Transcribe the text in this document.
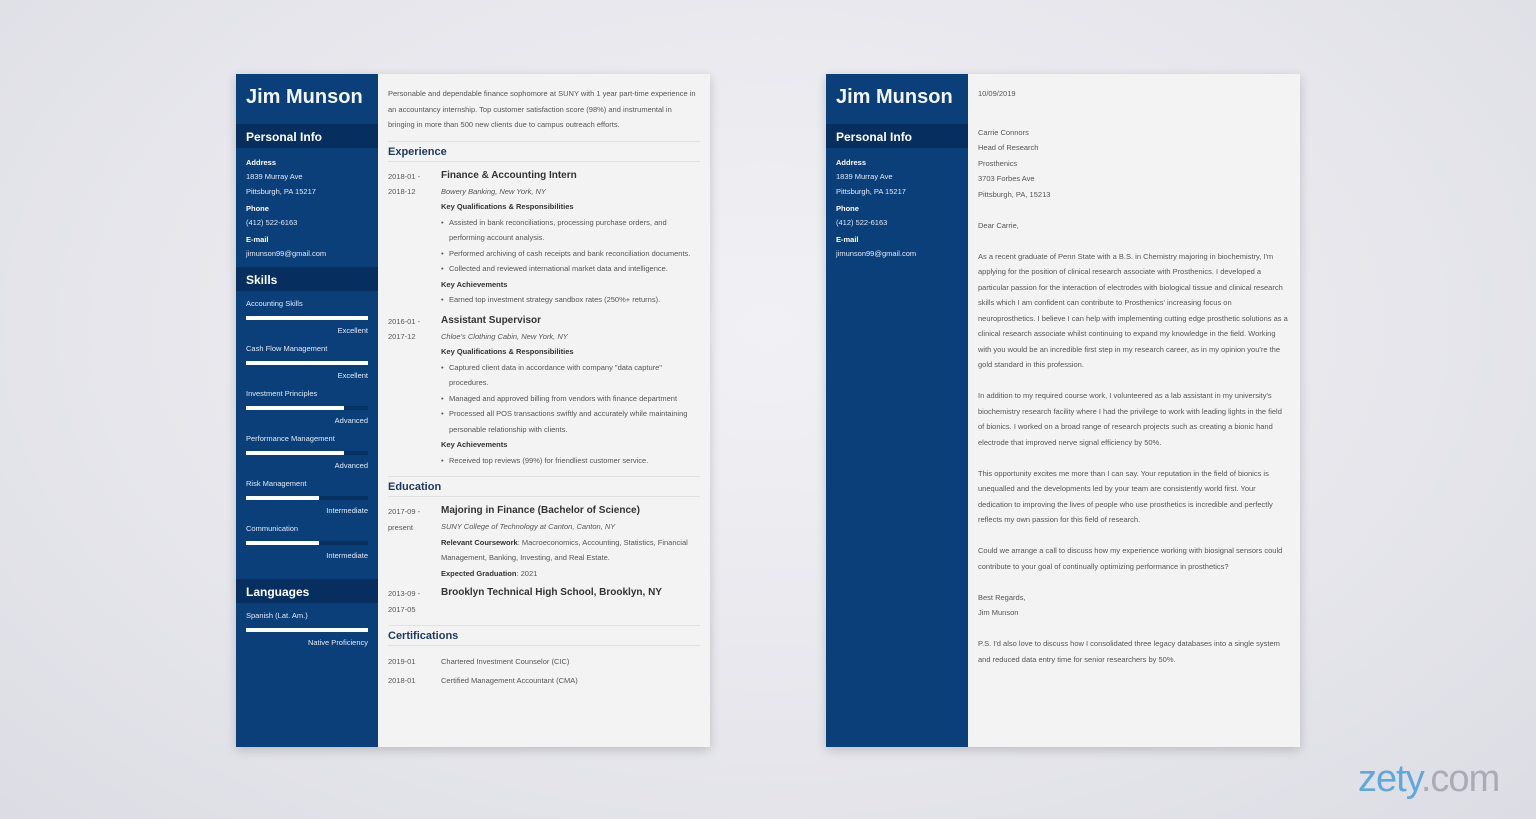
Jim Munson
Personal Info
Address
1839 Murray Ave
Pittsburgh, PA 15217
Phone
(412) 522-6163
E-mail
jimunson99@gmail.com
Skills
Accounting Skills
Excellent
Cash Flow Management
Excellent
Investment Principles
Advanced
Performance Management
Advanced
Risk Management
Intermediate
Communication
Intermediate
Languages
Spanish (Lat. Am.)
Native Proficiency
Personable and dependable finance sophomore at SUNY with 1 year part-time experience in an accountancy internship. Top customer satisfaction score (98%) and instrumental in bringing in more than 500 new clients due to campus outreach efforts.
Experience
2018-01 -
2018-12
Finance & Accounting Intern
Bowery Banking, New York, NY
Key Qualifications & Responsibilities
• Assisted in bank reconciliations, processing purchase orders, and performing account analysis.
• Performed archiving of cash receipts and bank reconciliation documents.
• Collected and reviewed international market data and intelligence.
Key Achievements
• Earned top investment strategy sandbox rates (250%+ returns).
2016-01 -
2017-12
Assistant Supervisor
Chloe's Clothing Cabin, New York, NY
Key Qualifications & Responsibilities
• Captured client data in accordance with company "data capture" procedures.
• Managed and approved billing from vendors with finance department
• Processed all POS transactions swiftly and accurately while maintaining personable relationship with clients.
Key Achievements
• Received top reviews (99%) for friendliest customer service.
Education
2017-09 -
present
Majoring in Finance (Bachelor of Science)
SUNY College of Technology at Canton, Canton, NY
Relevant Coursework: Macroeconomics, Accounting, Statistics, Financial Management, Banking, Investing, and Real Estate.
Expected Graduation: 2021
2013-09 -
2017-05
Brooklyn Technical High School, Brooklyn, NY
Certifications
2019-01	Chartered Investment Counselor (CIC)
2018-01	Certified Management Accountant (CMA)
Jim Munson
Personal Info
Address
1839 Murray Ave
Pittsburgh, PA 15217
Phone
(412) 522-6163
E-mail
jimunson99@gmail.com

10/09/2019

Carrie Connors
Head of Research
Prosthenics
3703 Forbes Ave
Pittsburgh, PA, 15213

Dear Carrie,

As a recent graduate of Penn State with a B.S. in Chemistry majoring in biochemistry, I'm applying for the position of clinical research associate with Prosthenics. I developed a particular passion for the interaction of electrodes with biological tissue and clinical research skills which I am confident can contribute to Prosthenics' increasing focus on neuroprosthetics. I believe I can help with implementing cutting edge prosthetic solutions as a clinical research associate whilst continuing to expand my knowledge in the field. Working with you would be an incredible first step in my research career, as in my opinion you're the gold standard in this profession.

In addition to my required course work, I volunteered as a lab assistant in my university's biochemistry research facility where I had the privilege to work with leading lights in the field of bionics. I worked on a broad range of research projects such as creating a bionic hand electrode that improved nerve signal efficiency by 50%.

This opportunity excites me more than I can say. Your reputation in the field of bionics is unequalled and the developments led by your team are consistently world first. Your dedication to improving the lives of people who use prosthetics is incredible and perfectly reflects my own passion for this field of research.

Could we arrange a call to discuss how my experience working with biosignal sensors could contribute to your goal of continually optimizing performance in prosthetics?

Best Regards,
Jim Munson

P.S. I'd also love to discuss how I consolidated three legacy databases into a single system and reduced data entry time for senior researchers by 50%.

zety.com
